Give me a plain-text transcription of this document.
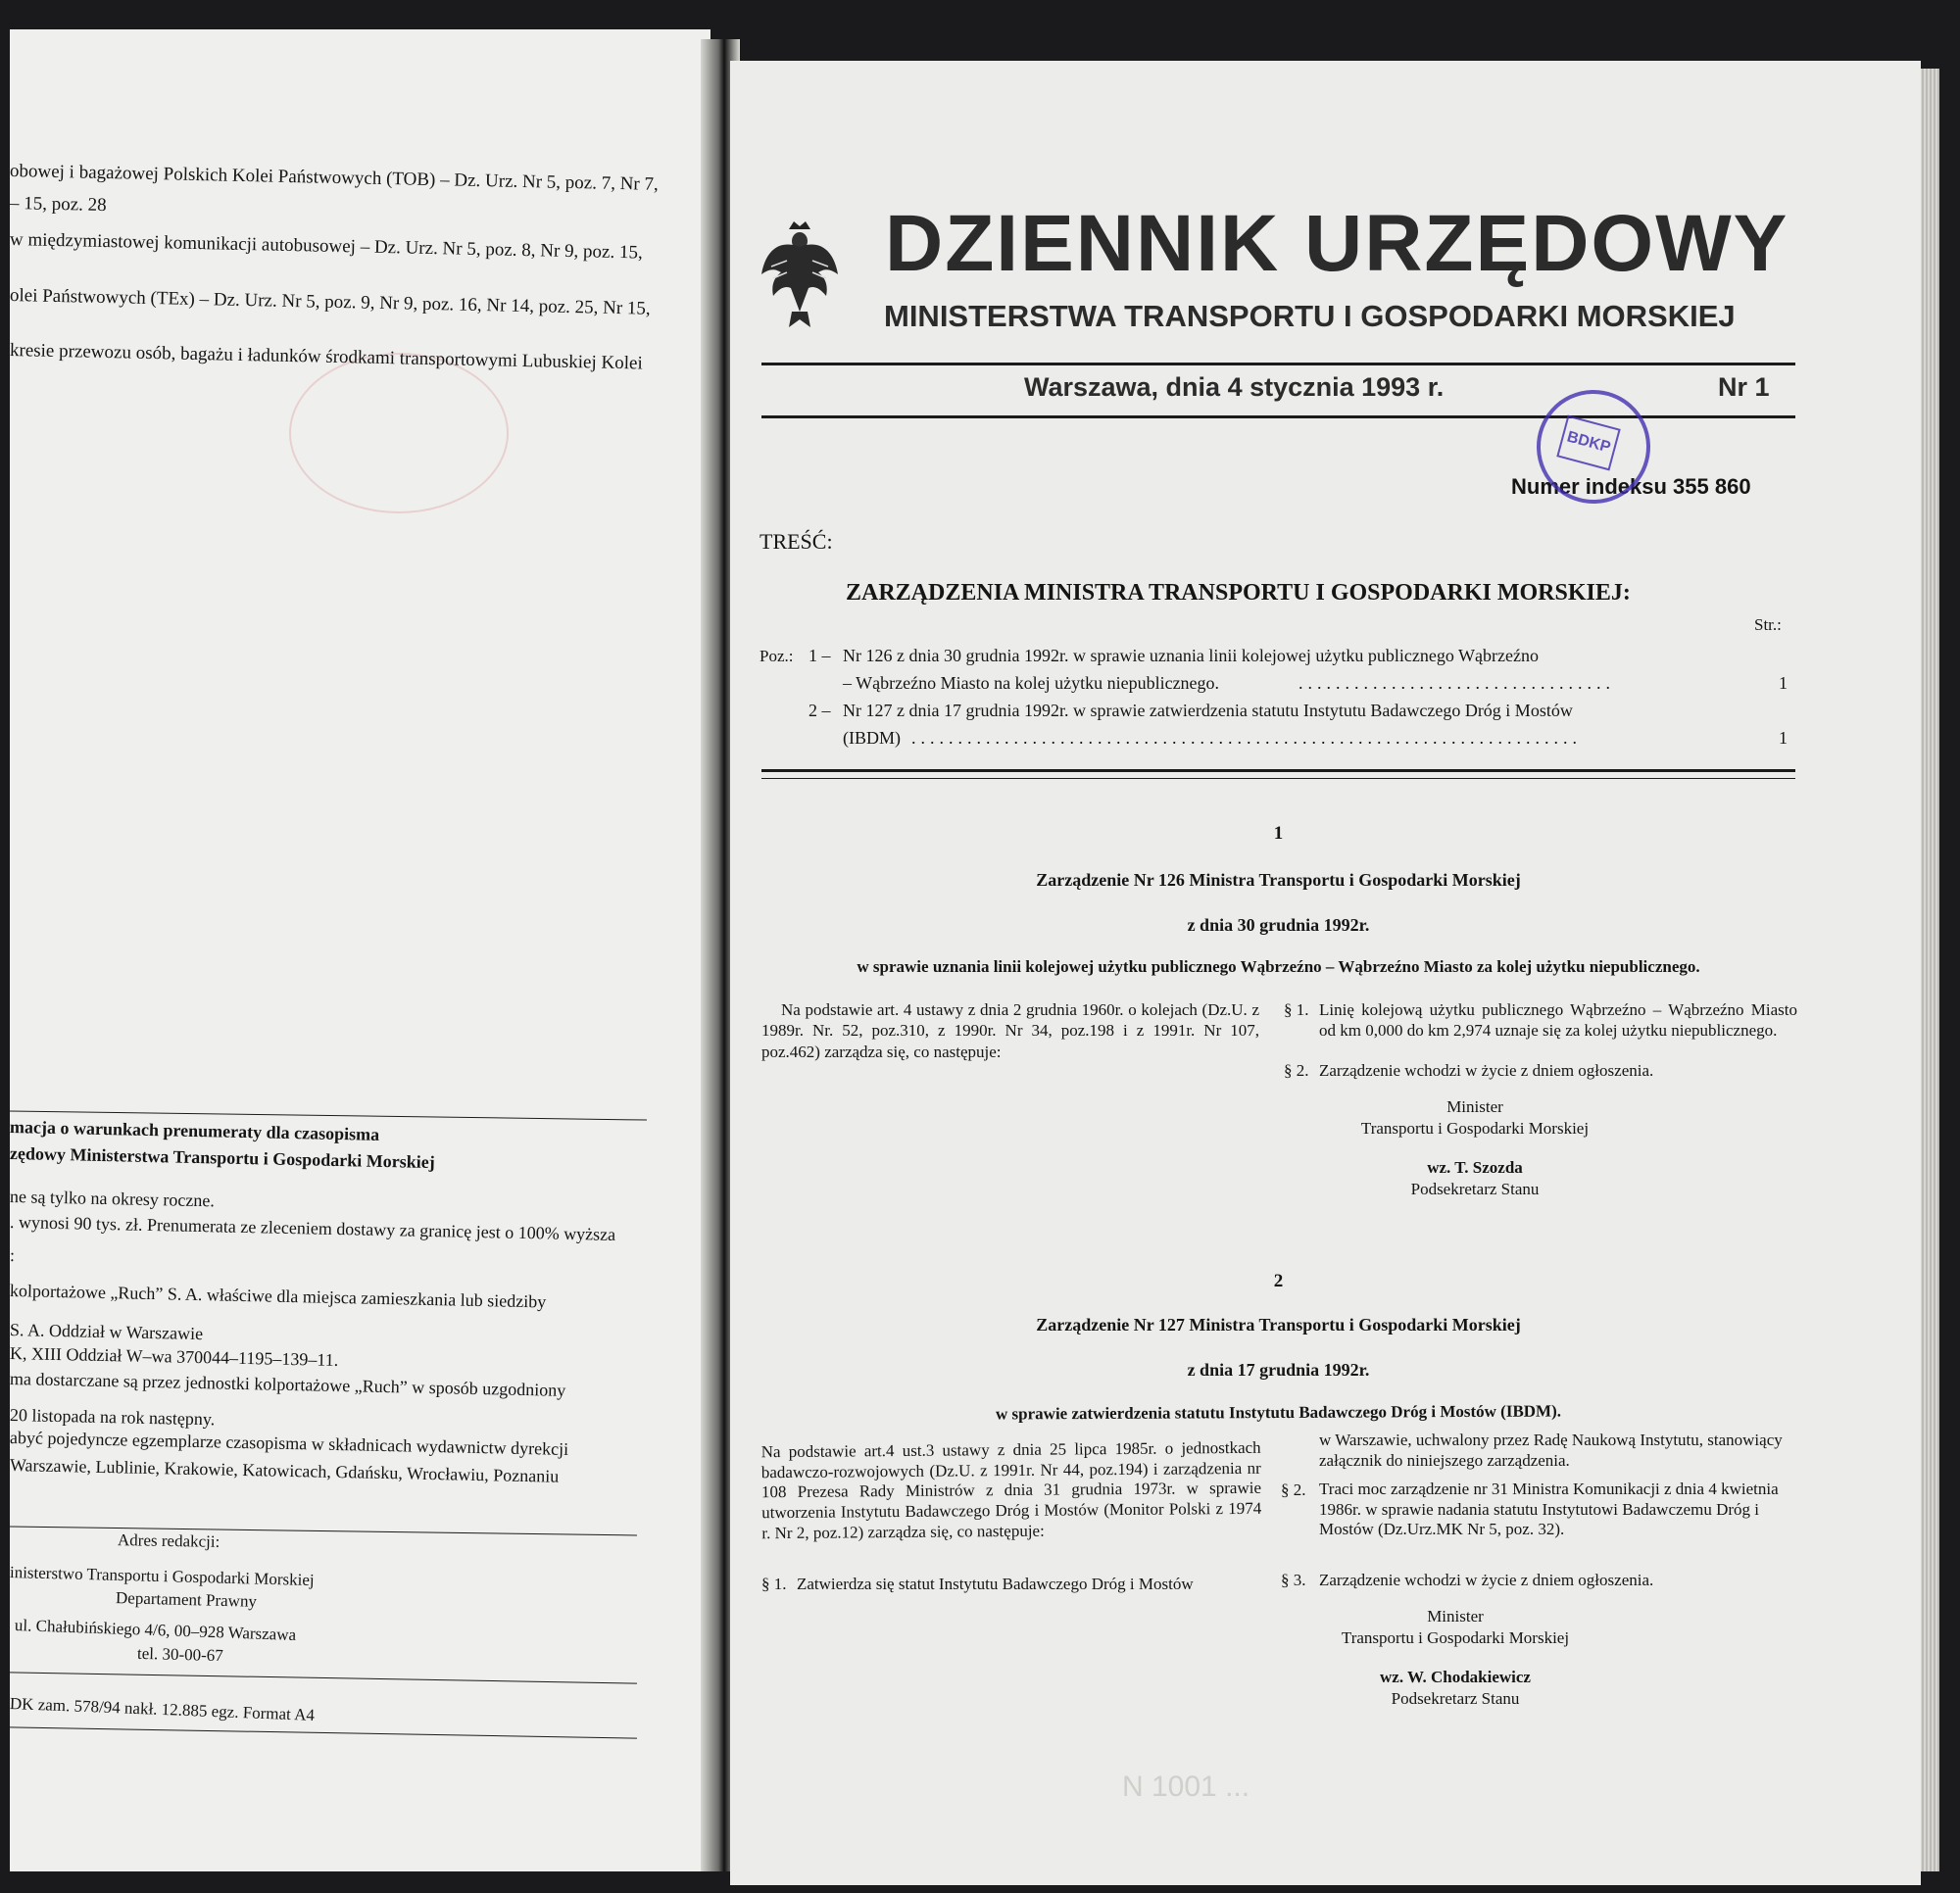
obowej i bagażowej Polskich Kolei Państwowych (TOB) – Dz. Urz. Nr 5, poz. 7, Nr 7,
– 15, poz. 28
w międzymiastowej komunikacji autobusowej – Dz. Urz. Nr 5, poz. 8, Nr 9, poz. 15,
olei Państwowych (TEx) – Dz. Urz. Nr 5, poz. 9, Nr 9, poz. 16, Nr 14, poz. 25, Nr 15,
kresie przewozu osób, bagażu i ładunków środkami transportowymi Lubuskiej Kolei
macja o warunkach prenumeraty dla czasopisma
zędowy Ministerstwa Transportu i Gospodarki Morskiej
ne są tylko na okresy roczne.
. wynosi 90 tys. zł. Prenumerata ze zleceniem dostawy za granicę jest o 100% wyższa
:
kolportażowe „Ruch” S. A. właściwe dla miejsca zamieszkania lub siedziby
S. A. Oddział w Warszawie
K, XIII Oddział W–wa 370044–1195–139–11.
ma dostarczane są przez jednostki kolportażowe „Ruch” w sposób uzgodniony
20 listopada na rok następny.
abyć pojedyncze egzemplarze czasopisma w składnicach wydawnictw dyrekcji
Warszawie, Lublinie, Krakowie, Katowicach, Gdańsku, Wrocławiu, Poznaniu
Adres redakcji:
inisterstwo Transportu i Gospodarki Morskiej
Departament Prawny
ul. Chałubińskiego 4/6, 00–928 Warszawa
tel. 30-00-67
DK zam. 578/94 nakł. 12.885 egz. Format A4
DZIENNIK URZĘDOWY
MINISTERSTWA TRANSPORTU I GOSPODARKI MORSKIEJ
Warszawa, dnia 4 stycznia 1993 r.	Nr 1
Numer indeksu 355 860
TREŚĆ:
ZARZĄDZENIA MINISTRA TRANSPORTU I GOSPODARKI MORSKIEJ:
Str.:
Poz.: 1 – Nr 126 z dnia 30 grudnia 1992r. w sprawie uznania linii kolejowej użytku publicznego Wąbrzeźno
– Wąbrzeźno Miasto na kolej użytku niepublicznego.	..................................	1
2 – Nr 127 z dnia 17 grudnia 1992r. w sprawie zatwierdzenia statutu Instytutu Badawczego Dróg i Mostów
(IBDM) ........................................................................	1
1
Zarządzenie Nr 126 Ministra Transportu i Gospodarki Morskiej
z dnia 30 grudnia 1992r.
w sprawie uznania linii kolejowej użytku publicznego Wąbrzeźno – Wąbrzeźno Miasto za kolej użytku niepublicznego.
Na podstawie art. 4 ustawy z dnia 2 grudnia 1960r. o kolejach (Dz.U. z 1989r. Nr. 52, poz.310, z 1990r. Nr 34, poz.198 i z 1991r. Nr 107, poz.462) zarządza się, co następuje:
§ 1. Linię kolejową użytku publicznego Wąbrzeźno – Wąbrzeźno Miasto od km 0,000 do km 2,974 uznaje się za kolej użytku niepublicznego.
§ 2. Zarządzenie wchodzi w życie z dniem ogłoszenia.
Minister
Transportu i Gospodarki Morskiej
wz. T. Szozda
Podsekretarz Stanu
2
Zarządzenie Nr 127 Ministra Transportu i Gospodarki Morskiej
z dnia 17 grudnia 1992r.
w sprawie zatwierdzenia statutu Instytutu Badawczego Dróg i Mostów (IBDM).
Na podstawie art.4 ust.3 ustawy z dnia 25 lipca 1985r. o jednostkach badawczo-rozwojowych (Dz.U. z 1991r. Nr 44, poz.194) i zarządzenia nr 108 Prezesa Rady Ministrów z dnia 31 grudnia 1973r. w sprawie utworzenia Instytutu Badawczego Dróg i Mostów (Monitor Polski z 1974 r. Nr 2, poz.12) zarządza się, co następuje:
§ 1. Zatwierdza się statut Instytutu Badawczego Dróg i Mostów
w Warszawie, uchwalony przez Radę Naukową Instytutu, stanowiący załącznik do niniejszego zarządzenia.
§ 2. Traci moc zarządzenie nr 31 Ministra Komunikacji z dnia 4 kwietnia 1986r. w sprawie nadania statutu Instytutowi Badawczemu Dróg i Mostów (Dz.Urz.MK Nr 5, poz. 32).
§ 3. Zarządzenie wchodzi w życie z dniem ogłoszenia.
Minister
Transportu i Gospodarki Morskiej
wz. W. Chodakiewicz
Podsekretarz Stanu
N 1001 ...
BDKP
